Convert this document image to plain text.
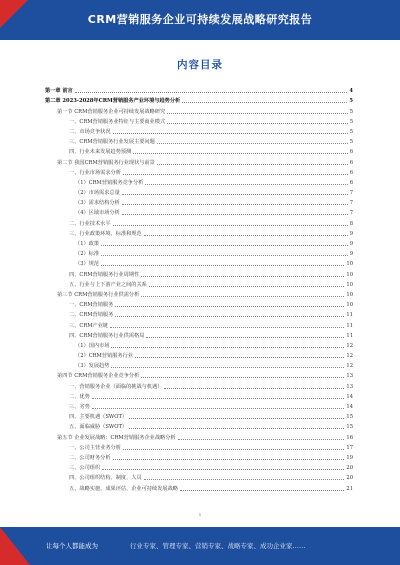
CRM营销服务企业可持续发展战略研究报告
内容目录
第一章 前言	4
第二章 2023-2028年CRM营销服务产业环境与趋势分析	5
第一节 CRM营销服务企业可持续发展战略研究	5
一、CRM营销服务业特征与主要商业模式	5
二、市场竞争状况	5
三、CRM营销服务行业发展主要问题	5
四、行业未来发展趋势预测	6
第二节 我国CRM营销服务行业现状与前景	6
一、行业市场需求分析	6
（1）CRM营销服务竞争分析	6
（2）市场需求总量	7
（3）需求结构分析	7
（4）区域市场分析	7
二、行业技术水平	8
三、行业政策环境、标准和规范	9
（1）政策	9
（2）标准	9
（3）规范	10
四、CRM营销服务行业周期性	10
五、行业与上下游产业之间的关系	10
第三节 CRM营销服务行业供需分析	10
一、CRM营销服务	10
二、CRM营销服务	11
三、CRM产业链	11
四、CRM营销服务行业供需格局	11
（1）国内市场	12
（2）CRM营销服务行业	12
（3）发展趋势	12
第四节 CRM营销服务企业竞争分析	13
一、营销服务企业（面临的挑战与机遇）	13
二、优势	14
三、劣势	14
四、主要机遇（SWOT）	15
五、面临威胁（SWOT）	15
第五节 企业发展战略：CRM营销服务企业战略分析	16
一、公司主营业务分析	17
二、公司财务分析	19
三、公司组织	20
四、公司组织结构、制度、人员	20
五、战略实施、成果评估、企业可持续发展战略	21
1
让每个人都能成为	行业专家、管理专家、营销专家、战略专家、成功企业家……
